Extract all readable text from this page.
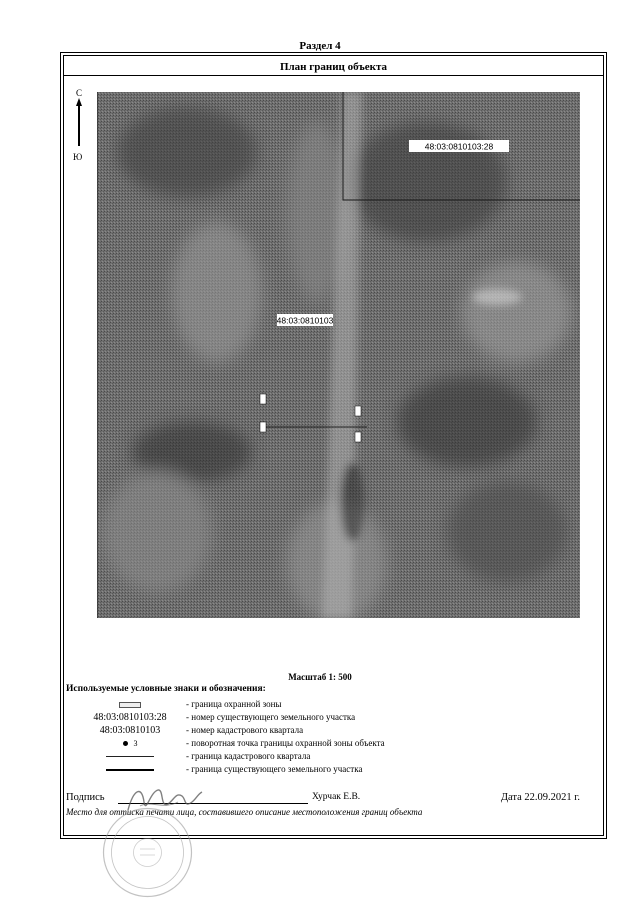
Раздел 4
План границ объекта
С
Ю
48:03:0810103:28
48:03:0810103
Масштаб 1: 500
Используемые условные знаки и обозначения:
- граница охранной зоны
48:03:0810103:28	- номер существующего земельного участка
48:03:0810103	- номер кадастрового квартала
3	- поворотная точка границы охранной зоны объекта
- граница кадастрового квартала
- граница существующего земельного участка
Подпись	Хурчак Е.В.	Дата 22.09.2021 г.
Место для оттиска печати лица, составившего описание местоположения границ объекта
